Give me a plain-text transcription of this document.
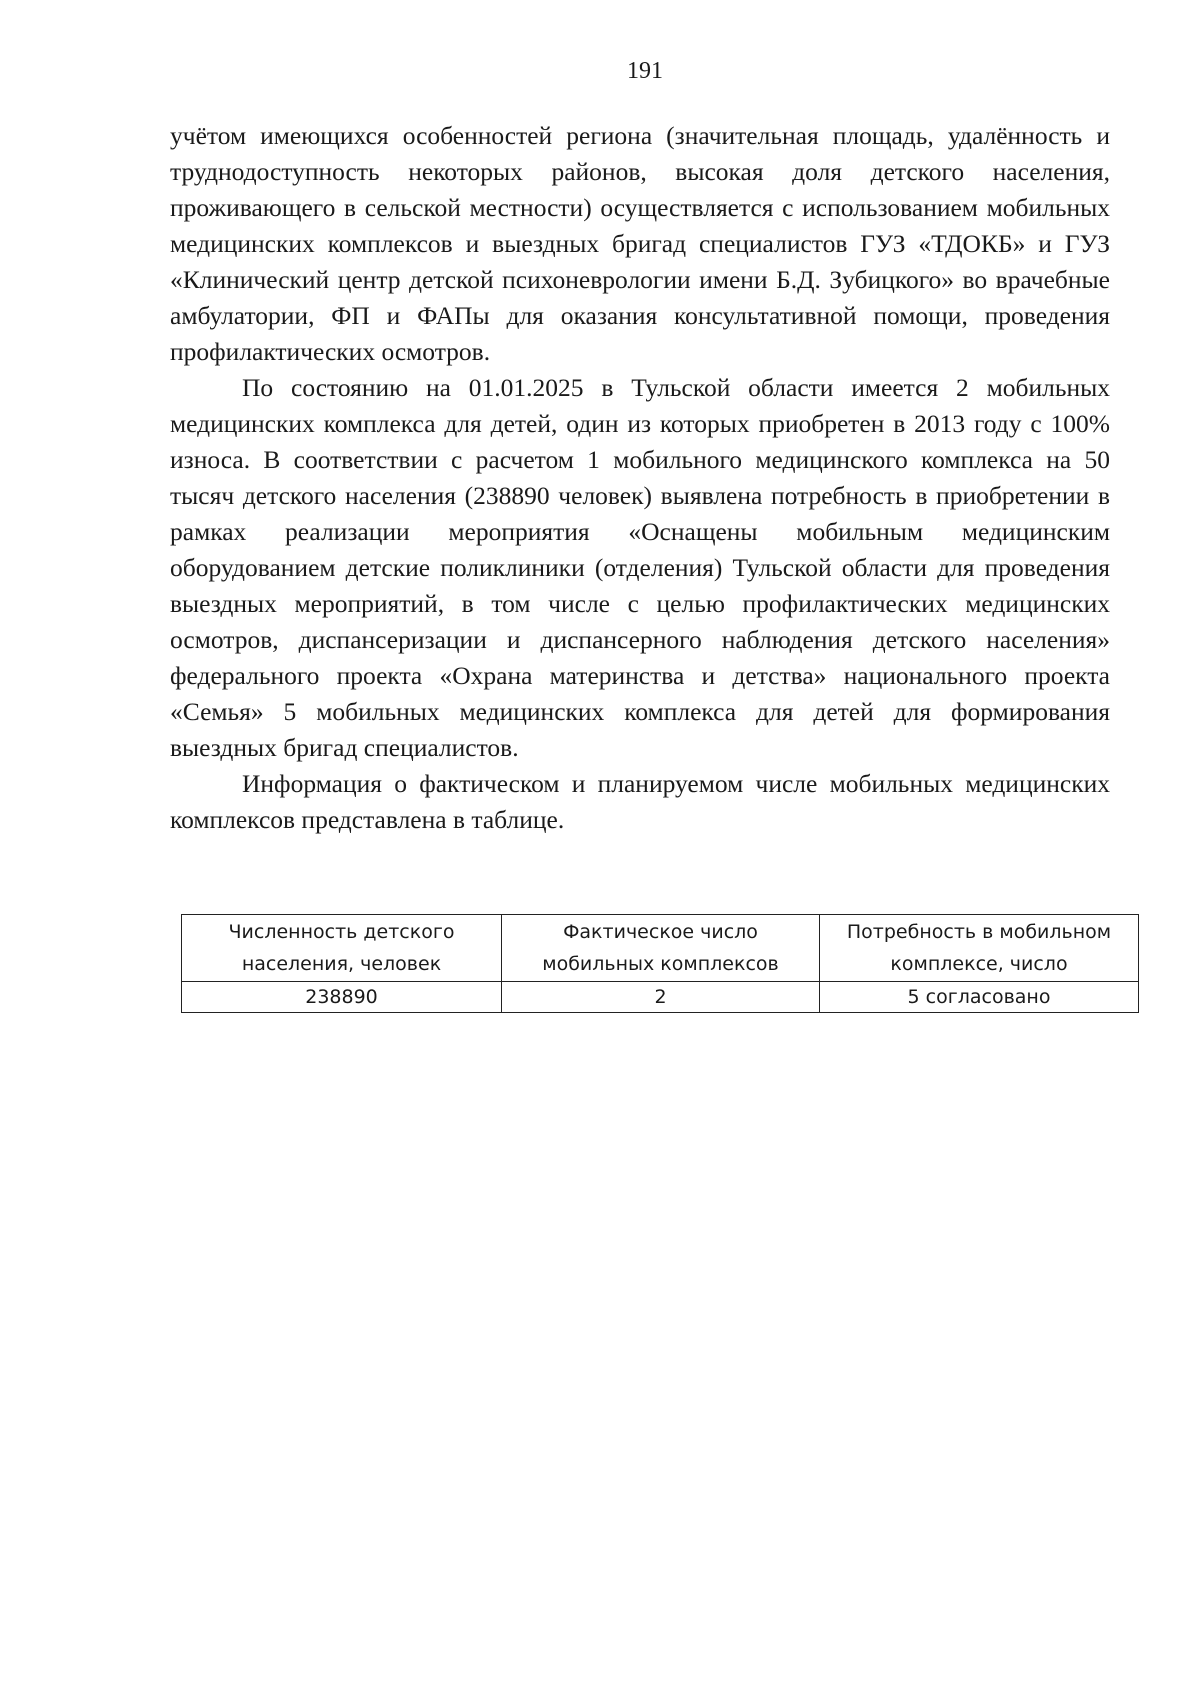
191

учётом имеющихся особенностей региона (значительная площадь, удалённость и труднодоступность некоторых районов, высокая доля детского населения, проживающего в сельской местности) осуществляется с использованием мобильных медицинских комплексов и выездных бригад специалистов ГУЗ «ТДОКБ» и ГУЗ «Клинический центр детской психоневрологии имени Б.Д. Зубицкого» во врачебные амбулатории, ФП и ФАПы для оказания консультативной помощи, проведения профилактических осмотров.

По состоянию на 01.01.2025 в Тульской области имеется 2 мобильных медицинских комплекса для детей, один из которых приобретен в 2013 году с 100% износа. В соответствии с расчетом 1 мобильного медицинского комплекса на 50 тысяч детского населения (238890 человек) выявлена потребность в приобретении в рамках реализации мероприятия «Оснащены мобильным медицинским оборудованием детские поликлиники (отделения) Тульской области для проведения выездных мероприятий, в том числе с целью профилактических медицинских осмотров, диспансеризации и диспансерного наблюдения детского населения» федерального проекта «Охрана материнства и детства» национального проекта «Семья» 5 мобильных медицинских комплекса для детей для формирования выездных бригад специалистов.

Информация о фактическом и планируемом числе мобильных медицинских комплексов представлена в таблице.

Численность детского населения, человек	Фактическое число мобильных комплексов	Потребность в мобильном комплексе, число
238890	2	5 согласовано
